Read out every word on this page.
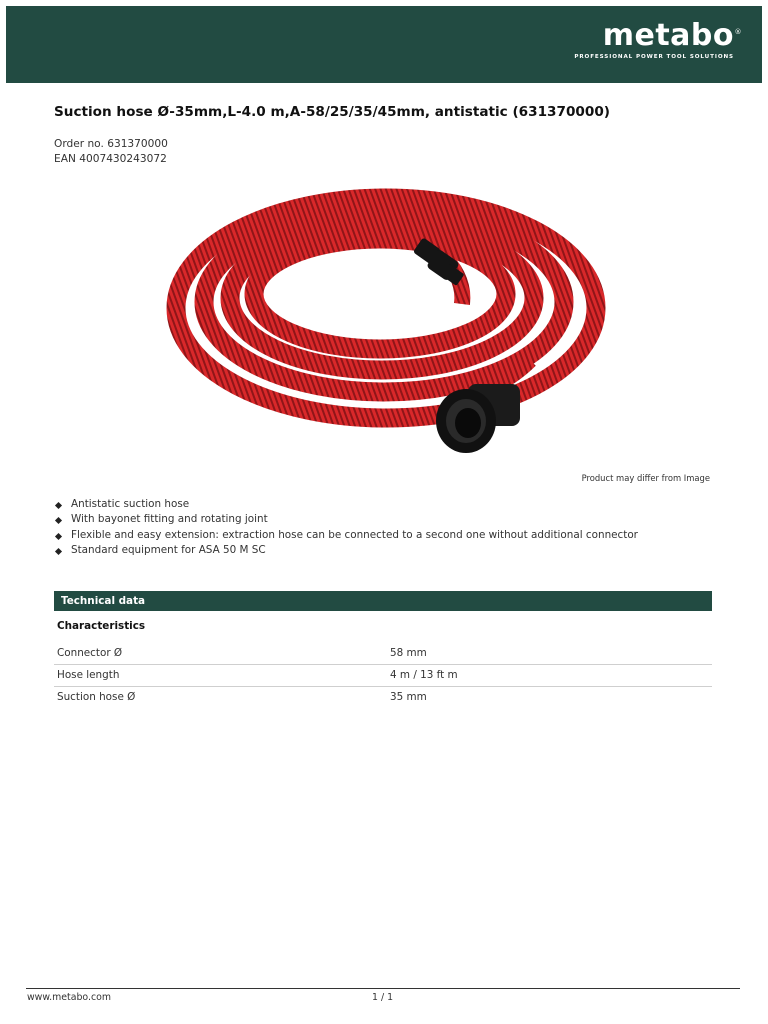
metabo ®
PROFESSIONAL POWER TOOL SOLUTIONS
Suction hose Ø-35mm,L-4.0 m,A-58/25/35/45mm, antistatic (631370000)
Order no. 631370000
EAN 4007430243072
Product may differ from Image
Antistatic suction hose
With bayonet fitting and rotating joint
Flexible and easy extension: extraction hose can be connected to a second one without additional connector
Standard equipment for ASA 50 M SC
Technical data
Characteristics
Connector Ø	58 mm
Hose length	4 m / 13 ft m
Suction hose Ø	35 mm
www.metabo.com	1 / 1
